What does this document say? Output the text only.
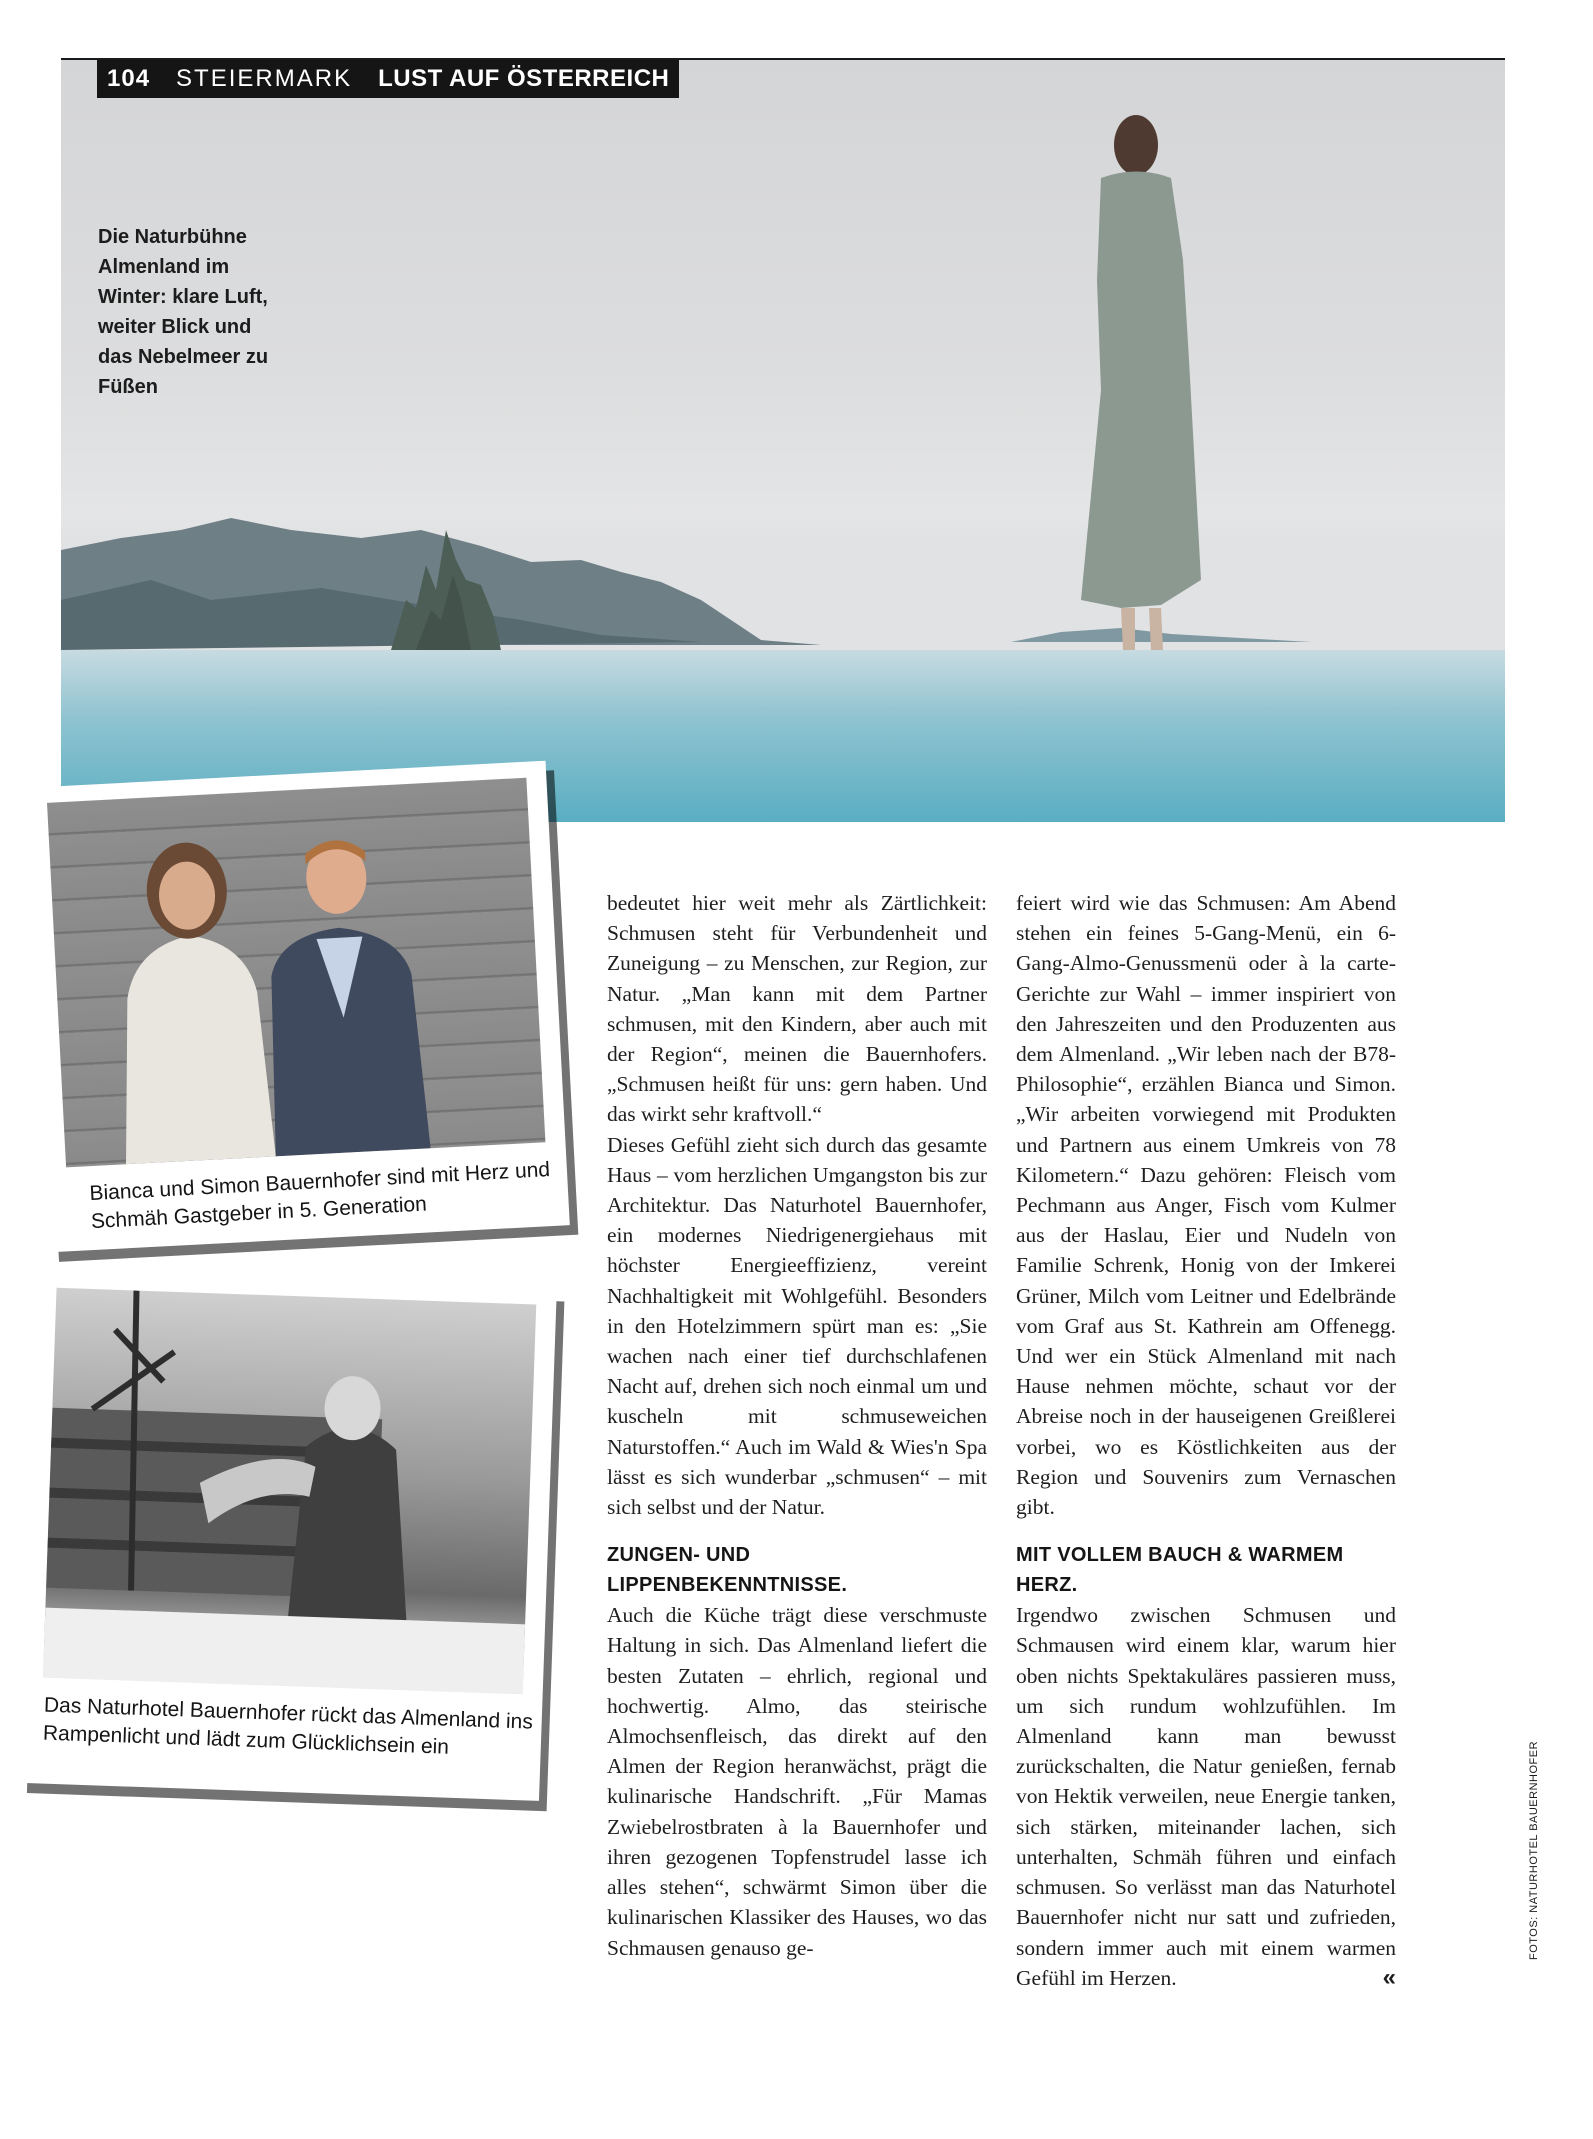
Die Naturbühne Almenland im Winter: klare Luft, weiter Blick und das Nebelmeer zu Füßen
104 STEIERMARK LUST AUF ÖSTERREICH
Bianca und Simon Bauernhofer sind mit Herz und Schmäh Gastgeber in 5. Generation
Das Naturhotel Bauernhofer rückt das Almenland ins Rampenlicht und lädt zum Glücklichsein ein

bedeutet hier weit mehr als Zärtlichkeit: Schmusen steht für Verbundenheit und Zuneigung – zu Menschen, zur Region, zur Natur. „Man kann mit dem Partner schmusen, mit den Kindern, aber auch mit der Region“, meinen die Bauernhofers. „Schmusen heißt für uns: gern haben. Und das wirkt sehr kraftvoll.“

Dieses Gefühl zieht sich durch das gesamte Haus – vom herzlichen Umgangston bis zur Architektur. Das Naturhotel Bauernhofer, ein modernes Niedrigenergiehaus mit höchster Energieeffizienz, vereint Nachhaltigkeit mit Wohlgefühl. Besonders in den Hotelzimmern spürt man es: „Sie wachen nach einer tief durchschlafenen Nacht auf, drehen sich noch einmal um und kuscheln mit schmuseweichen Naturstoffen.“ Auch im Wald & Wies'n Spa lässt es sich wunderbar „schmusen“ – mit sich selbst und der Natur.

ZUNGEN- UND LIPPENBEKENNTNISSE.

Auch die Küche trägt diese verschmuste Haltung in sich. Das Almenland liefert die besten Zutaten – ehrlich, regional und hochwertig. Almo, das steirische Almochsenfleisch, das direkt auf den Almen der Region heranwächst, prägt die kulinarische Handschrift. „Für Mamas Zwiebelrostbraten à la Bauernhofer und ihren gezogenen Topfenstrudel lasse ich alles stehen“, schwärmt Simon über die kulinarischen Klassiker des Hauses, wo das Schmausen genauso ge-

feiert wird wie das Schmusen: Am Abend stehen ein feines 5-Gang-Menü, ein 6-Gang-Almo-Genussmenü oder à la carte-Gerichte zur Wahl – immer inspiriert von den Jahreszeiten und den Produzenten aus dem Almenland. „Wir leben nach der B78-Philosophie“, erzählen Bianca und Simon. „Wir arbeiten vorwiegend mit Produkten und Partnern aus einem Umkreis von 78 Kilometern.“ Dazu gehören: Fleisch vom Pechmann aus Anger, Fisch vom Kulmer aus der Haslau, Eier und Nudeln von Familie Schrenk, Honig von der Imkerei Grüner, Milch vom Leitner und Edelbrände vom Graf aus St. Kathrein am Offenegg. Und wer ein Stück Almenland mit nach Hause nehmen möchte, schaut vor der Abreise noch in der hauseigenen Greißlerei vorbei, wo es Köstlichkeiten aus der Region und Souvenirs zum Vernaschen gibt.

MIT VOLLEM BAUCH & WARMEM HERZ.

Irgendwo zwischen Schmusen und Schmausen wird einem klar, warum hier oben nichts Spektakuläres passieren muss, um sich rundum wohlzufühlen. Im Almenland kann man bewusst zurückschalten, die Natur genießen, fernab von Hektik verweilen, neue Energie tanken, sich stärken, miteinander lachen, sich unterhalten, Schmäh führen und einfach schmusen. So verlässt man das Naturhotel Bauernhofer nicht nur satt und zufrieden, sondern immer auch mit einem warmen Gefühl im Herzen.	«
FOTOS: NATURHOTEL BAUERNHOFER
